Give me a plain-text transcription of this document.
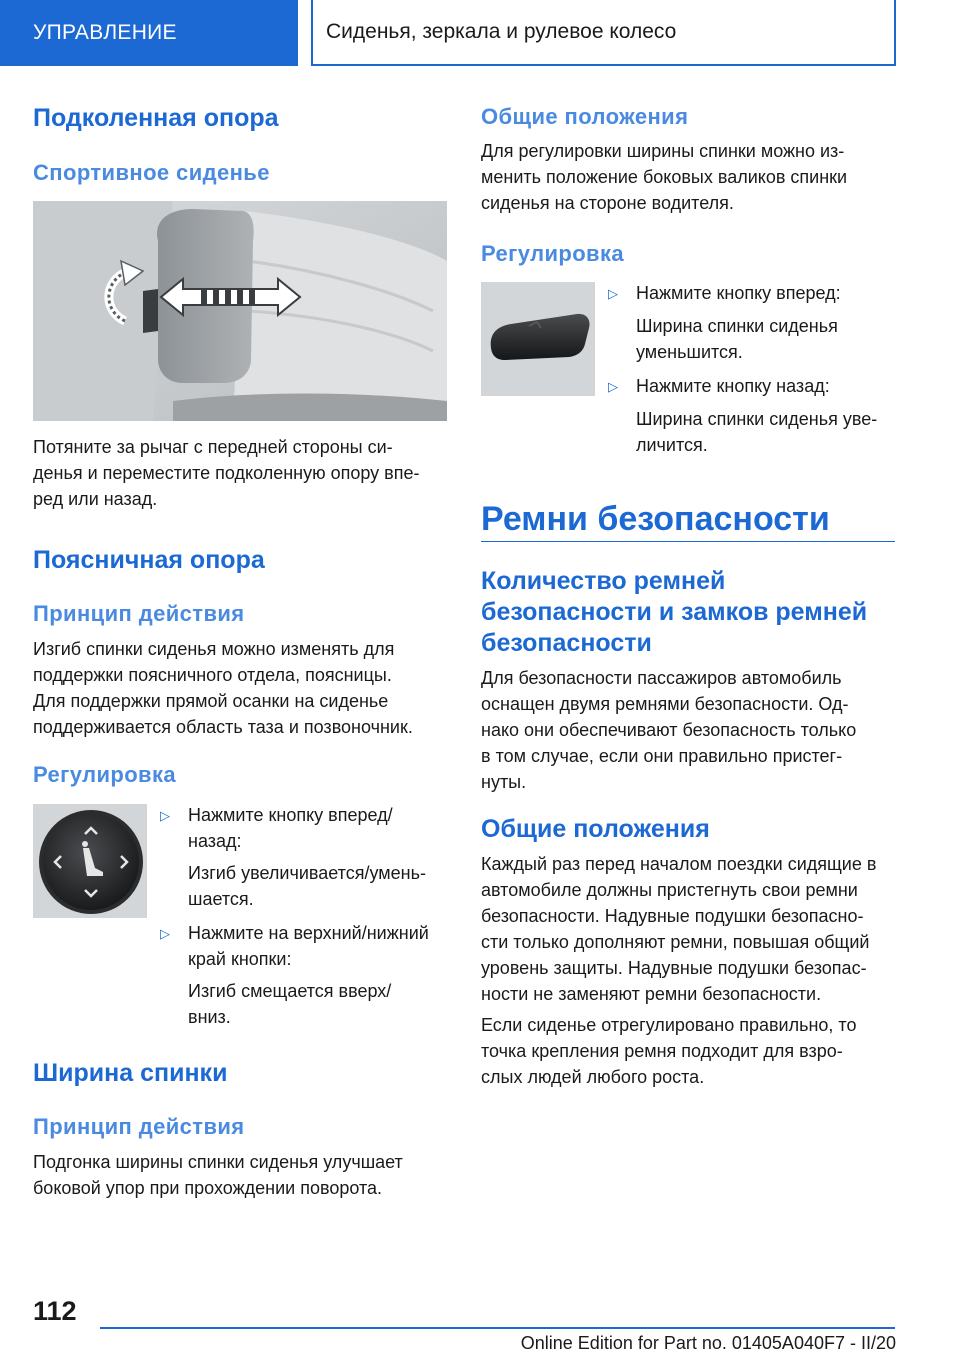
УПРАВЛЕНИЕ	Сиденья, зеркала и рулевое колесо
Подколенная опора
Спортивное сиденье

Потяните за рычаг с передней стороны си-

денья и переместите подколенную опору впе-

ред или назад.

Поясничная опора
Принцип действия

Изгиб спинки сиденья можно изменять для

поддержки поясничного отдела, поясницы.

Для поддержки прямой осанки на сиденье

поддерживается область таза и позвоночник.

Регулировка
▷	Нажмите кнопку вперед/
назад:
Изгиб увеличивается/умень-
шается.
▷	Нажмите на верхний/нижний
край кнопки:
Изгиб смещается вверх/
вниз.
Ширина спинки
Принцип действия

Подгонка ширины спинки сиденья улучшает

боковой упор при прохождении поворота.

Общие положения

Для регулировки ширины спинки можно из-

менить положение боковых валиков спинки

сиденья на стороне водителя.

Регулировка
▷	Нажмите кнопку вперед:
Ширина спинки сиденья
уменьшится.
▷	Нажмите кнопку назад:
Ширина спинки сиденья уве-
личится.
Ремни безопасности
Количество ремней
безопасности и замков ремней
безопасности

Для безопасности пассажиров автомобиль

оснащен двумя ремнями безопасности. Од-

нако они обеспечивают безопасность только

в том случае, если они правильно пристег-

нуты.

Общие положения

Каждый раз перед началом поездки сидящие в

автомобиле должны пристегнуть свои ремни

безопасности. Надувные подушки безопасно-

сти только дополняют ремни, повышая общий

уровень защиты. Надувные подушки безопас-

ности не заменяют ремни безопасности.

Если сиденье отрегулировано правильно, то

точка крепления ремня подходит для взро-

слых людей любого роста.

112
Online Edition for Part no. 01405A040F7 - II/20
